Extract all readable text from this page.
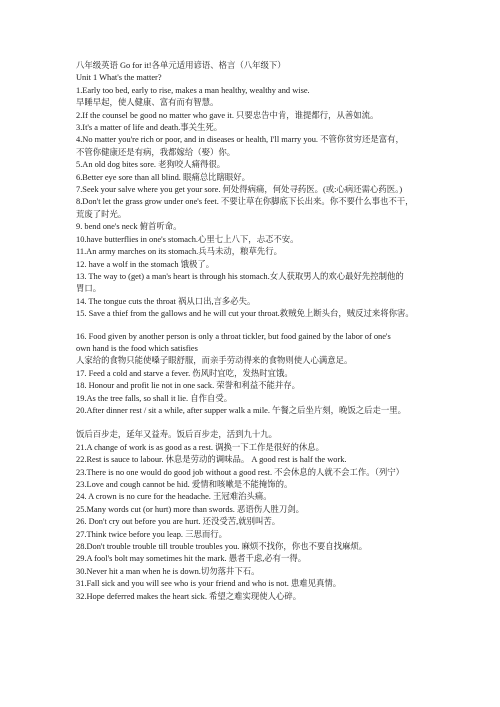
八年级英语 Go for it!各单元适用谚语、格言（八年级下）
Unit 1 What's the matter?
1.Early too bed, early to rise, makes a man healthy, wealthy and wise.
早睡早起，使人健康、富有而有智慧。
2.If the counsel be good no matter who gave it. 只要忠告中肯，谁提都行，从善如流。
3.It's a matter of life and death.事关生死。
4.No matter you're rich or poor, and in diseases or health, I'll marry you. 不管你贫穷还是富有，
不管你健康还是有病，我都嫁给（娶）你。
5.An old dog bites sore. 老狗咬人痛得很。
6.Better eye sore than all blind. 眼痛总比瞎眼好。
7.Seek your salve where you get your sore. 何处得病痛，何处寻药医。(或:心病还需心药医。)
8.Don't let the grass grow under one's feet. 不要让草在你脚底下长出来。你不要什么事也不干，
荒废了时光。
9. bend one's neck 俯首听命。
10.have butterflies in one's stomach.心里七上八下，忐忑不安。
11.An army marches on its stomach.兵马未动，粮草先行。
12. have a wolf in the stomach 饿极了。
13. The way to (get) a man's heart is through his stomach.女人获取男人的欢心最好先控制他的
胃口。
14. The tongue cuts the throat 祸从口出,言多必失。
15. Save a thief from the gallows and he will cut your throat.救贼免上断头台，贼反过来将你害。
16. Food given by another person is only a throat tickler, but food gained by the labor of one's
own hand is the food which satisfies
人家给的食物只能使嗓子眼舒服，而亲手劳动得来的食物则使人心满意足。
17. Feed a cold and starve a fever. 伤风时宜吃，发热时宜饿。
18. Honour and profit lie not in one sack. 荣誉和利益不能并存。
19.As the tree falls, so shall it lie. 自作自受。
20.After dinner rest / sit a while, after supper walk a mile. 午餐之后坐片刻，晚饭之后走一里。
饭后百步走，延年又益寿。饭后百步走，活到九十九。
21.A change of work is as good as a rest. 调换一下工作是很好的休息。
22.Rest is sauce to labour. 休息是劳动的调味品。 A good rest is half the work.
23.There is no one would do good job without a good rest. 不会休息的人就不会工作。（列宁）
23.Love and cough cannot be hid. 爱情和咳嗽是不能掩饰的。
24. A crown is no cure for the headache. 王冠难治头痛。
25.Many words cut (or hurt) more than swords. 恶语伤人胜刀剑。
26. Don't cry out before you are hurt. 还没受苦,就别叫苦。
27.Think twice before you leap. 三思而行。
28.Don't trouble trouble till trouble troubles you. 麻烦不找你，你也不要自找麻烦。
29.A fool's bolt may sometimes hit the mark. 愚者千虑,必有一得。
30.Never hit a man when he is down.切勿落井下石。
31.Fall sick and you will see who is your friend and who is not. 患难见真情。
32.Hope deferred makes the heart sick. 希望之难实现使人心碎。
